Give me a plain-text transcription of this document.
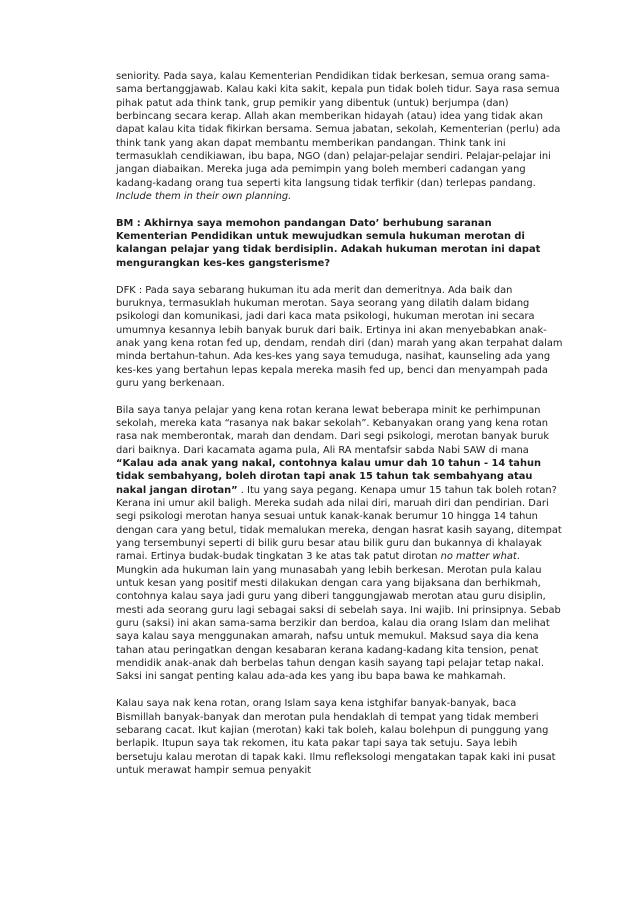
seniority. Pada saya, kalau Kementerian Pendidikan tidak berkesan, semua orang sama-sama bertanggjawab. Kalau kaki kita sakit, kepala pun tidak boleh tidur. Saya rasa semua pihak patut ada think tank, grup pemikir yang dibentuk (untuk) berjumpa (dan) berbincang secara kerap. Allah akan memberikan hidayah (atau) idea yang tidak akan dapat kalau kita tidak fikirkan bersama. Semua jabatan, sekolah, Kementerian (perlu) ada think tank yang akan dapat membantu memberikan pandangan. Think tank ini termasuklah cendikiawan, ibu bapa, NGO (dan) pelajar-pelajar sendiri. Pelajar-pelajar ini jangan diabaikan. Mereka juga ada pemimpin yang boleh memberi cadangan yang kadang-kadang orang tua seperti kita langsung tidak terfikir (dan) terlepas pandang. Include them in their own planning.

BM : Akhirnya saya memohon pandangan Dato’ berhubung saranan Kementerian Pendidikan untuk mewujudkan semula hukuman merotan di kalangan pelajar yang tidak berdisiplin. Adakah hukuman merotan ini dapat mengurangkan kes-kes gangsterisme?

DFK : Pada saya sebarang hukuman itu ada merit dan demeritnya. Ada baik dan buruknya, termasuklah hukuman merotan. Saya seorang yang dilatih dalam bidang psikologi dan komunikasi, jadi dari kaca mata psikologi, hukuman merotan ini secara umumnya kesannya lebih banyak buruk dari baik. Ertinya ini akan menyebabkan anak-anak yang kena rotan fed up, dendam, rendah diri (dan) marah yang akan terpahat dalam minda bertahun-tahun. Ada kes-kes yang saya temuduga, nasihat, kaunseling ada yang kes-kes yang bertahun lepas kepala mereka masih fed up, benci dan menyampah pada guru yang berkenaan.

Bila saya tanya pelajar yang kena rotan kerana lewat beberapa minit ke perhimpunan sekolah, mereka kata “rasanya nak bakar sekolah”. Kebanyakan orang yang kena rotan rasa nak memberontak, marah dan dendam. Dari segi psikologi, merotan banyak buruk dari baiknya. Dari kacamata agama pula, Ali RA mentafsir sabda Nabi SAW di mana “Kalau ada anak yang nakal, contohnya kalau umur dah 10 tahun - 14 tahun tidak sembahyang, boleh dirotan tapi anak 15 tahun tak sembahyang atau nakal jangan dirotan” . Itu yang saya pegang. Kenapa umur 15 tahun tak boleh rotan? Kerana ini umur akil baligh. Mereka sudah ada nilai diri, maruah diri dan pendirian. Dari segi psikologi merotan hanya sesuai untuk kanak-kanak berumur 10 hingga 14 tahun dengan cara yang betul, tidak memalukan mereka, dengan hasrat kasih sayang, ditempat yang tersembunyi seperti di bilik guru besar atau bilik guru dan bukannya di khalayak ramai. Ertinya budak-budak tingkatan 3 ke atas tak patut dirotan no matter what. Mungkin ada hukuman lain yang munasabah yang lebih berkesan. Merotan pula kalau untuk kesan yang positif mesti dilakukan dengan cara yang bijaksana dan berhikmah, contohnya kalau saya jadi guru yang diberi tanggungjawab merotan atau guru disiplin, mesti ada seorang guru lagi sebagai saksi di sebelah saya. Ini wajib. Ini prinsipnya. Sebab guru (saksi) ini akan sama-sama berzikir dan berdoa, kalau dia orang Islam dan melihat saya kalau saya menggunakan amarah, nafsu untuk memukul. Maksud saya dia kena tahan atau peringatkan dengan kesabaran kerana kadang-kadang kita tension, penat mendidik anak-anak dah berbelas tahun dengan kasih sayang tapi pelajar tetap nakal. Saksi ini sangat penting kalau ada-ada kes yang ibu bapa bawa ke mahkamah.

Kalau saya nak kena rotan, orang Islam saya kena istghifar banyak-banyak, baca Bismillah banyak-banyak dan merotan pula hendaklah di tempat yang tidak memberi sebarang cacat. Ikut kajian (merotan) kaki tak boleh, kalau bolehpun di punggung yang berlapik. Itupun saya tak rekomen, itu kata pakar tapi saya tak setuju. Saya lebih bersetuju kalau merotan di tapak kaki. Ilmu refleksologi mengatakan tapak kaki ini pusat untuk merawat hampir semua penyakit
